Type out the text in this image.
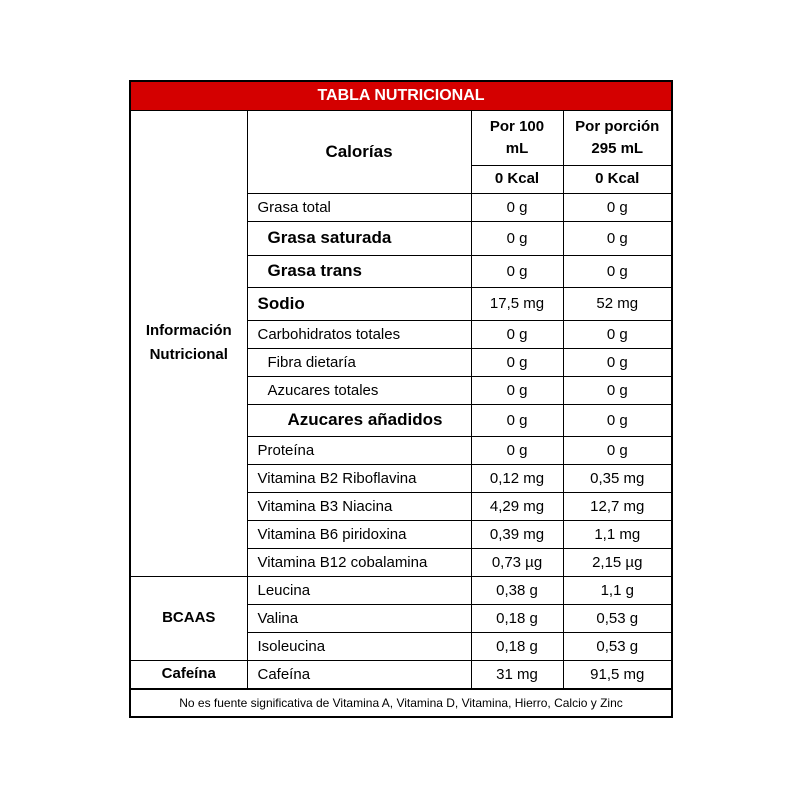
TABLA NUTRICIONAL
Información Nutricional	Calorías	Por 100 mL	Por porción 295 mL
		0 Kcal	0 Kcal
	Grasa total	0 g	0 g
	Grasa saturada	0 g	0 g
	Grasa trans	0 g	0 g
	Sodio	17,5 mg	52 mg
	Carbohidratos totales	0 g	0 g
	Fibra dietaría	0 g	0 g
	Azucares totales	0 g	0 g
	Azucares añadidos	0 g	0 g
	Proteína	0 g	0 g
	Vitamina B2 Riboflavina	0,12 mg	0,35 mg
	Vitamina B3 Niacina	4,29 mg	12,7 mg
	Vitamina B6 piridoxina	0,39 mg	1,1 mg
	Vitamina B12 cobalamina	0,73 µg	2,15 µg
BCAAS	Leucina	0,38 g	1,1 g
	Valina	0,18 g	0,53 g
	Isoleucina	0,18 g	0,53 g
Cafeína	Cafeína	31 mg	91,5 mg
No es fuente significativa de Vitamina A, Vitamina D, Vitamina, Hierro, Calcio y Zinc
